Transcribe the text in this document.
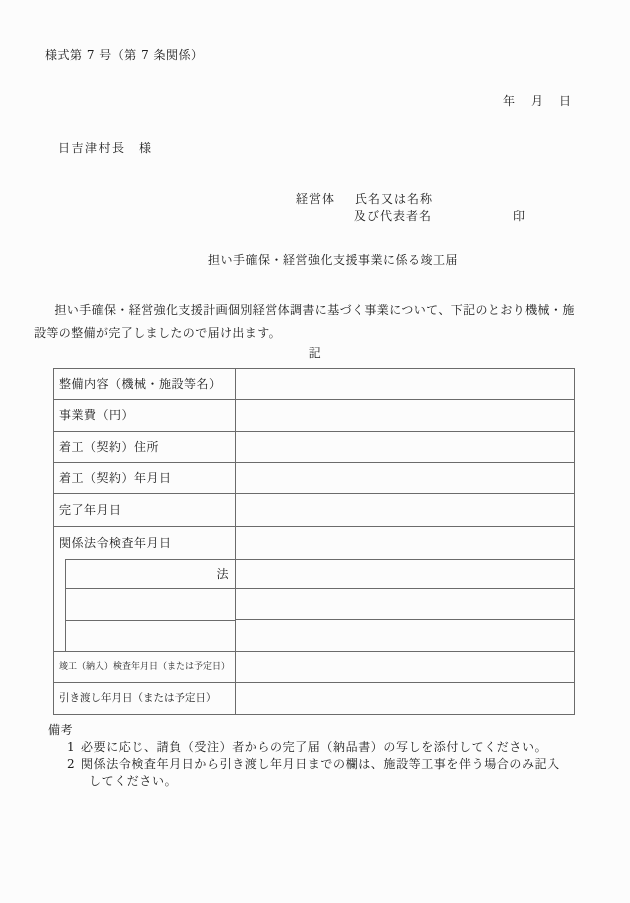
様式第 7 号（第 7 条関係）
年　月　日
日吉津村長　様
経営体 氏名又は名称
及び代表者名	印
担い手確保・経営強化支援事業に係る竣工届
　担い手確保・経営強化支援計画個別経営体調書に基づく事業について、下記のとおり機械・施設等の整備が完了しましたので届け出ます。
記
整備内容（機械・施設等名）
事業費（円）
着工（契約）住所
着工（契約）年月日
完了年月日
関係法令検査年月日
法
竣工（納入）検査年月日（または予定日）
引き渡し年月日（または予定日）
備考
1 必要に応じ、請負（受注）者からの完了届（納品書）の写しを添付してください。
2 関係法令検査年月日から引き渡し年月日までの欄は、施設等工事を伴う場合のみ記入
してください。
